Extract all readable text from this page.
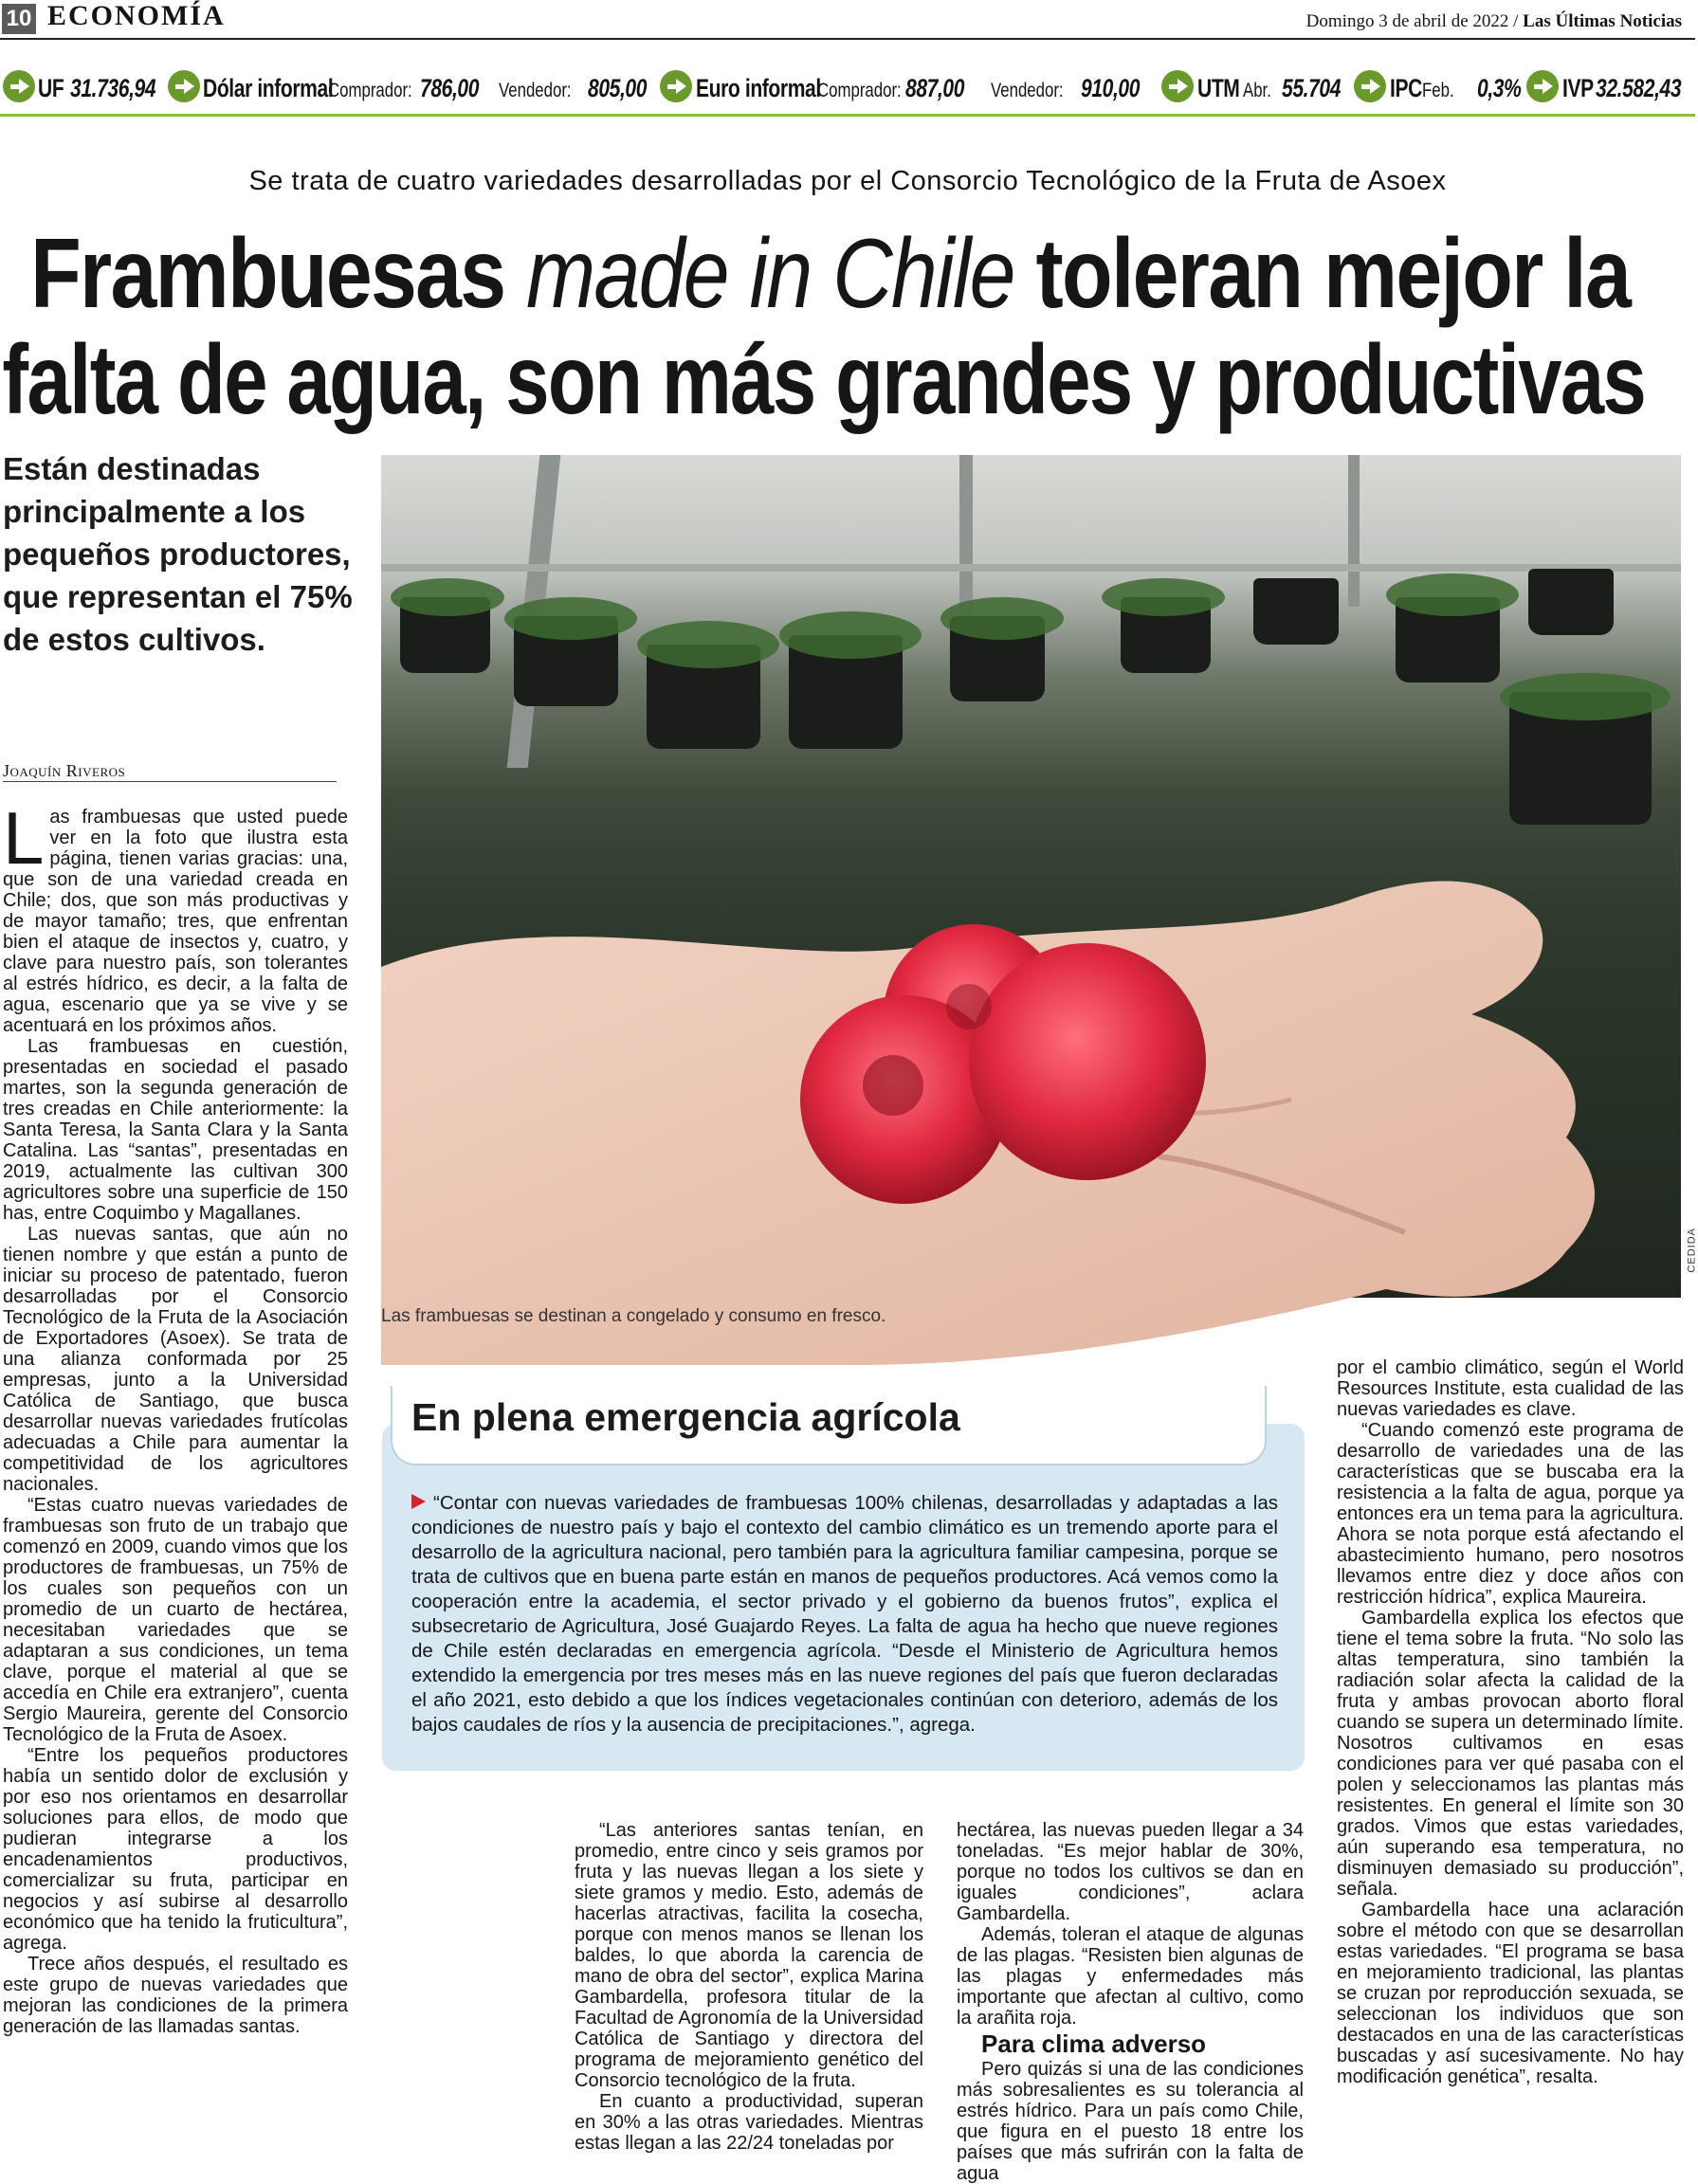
10 ECONOMÍA	Domingo 3 de abril de 2022 / Las Últimas Noticias
UF 31.736,94 Dólar informal
Comprador: 786,00 Vendedor: 805,00 Euro informal
Comprador: 887,00 Vendedor: 910,00 UTM Abr. 55.704 IPC Feb. 0,3% IVP 32.582,43
Se trata de cuatro variedades desarrolladas por el Consorcio Tecnológico de la Fruta de Asoex
Frambuesas made in Chile toleran mejor la
falta de agua, son más grandes y productivas
Están destinadas principalmente a los pequeños productores, que representan el 75% de estos cultivos.
CEDIDA
Las frambuesas se destinan a congelado y consumo en fresco.
Joaquín Riveros

Las frambuesas que usted puede ver en la foto que ilustra esta página, tienen varias gracias: una, que son de una variedad creada en Chile; dos, que son más productivas y de mayor tamaño; tres, que enfrentan bien el ataque de insectos y, cuatro, y clave para nuestro país, son tolerantes al estrés hídrico, es decir, a la falta de agua, escenario que ya se vive y se acentuará en los próximos años.

Las frambuesas en cuestión, presentadas en sociedad el pasado martes, son la segunda generación de tres creadas en Chile anteriormente: la Santa Teresa, la Santa Clara y la Santa Catalina. Las “santas”, presentadas en 2019, actualmente las cultivan 300 agricultores sobre una superficie de 150 has, entre Coquimbo y Magallanes.

Las nuevas santas, que aún no tienen nombre y que están a punto de iniciar su proceso de patentado, fueron desarrolladas por el Consorcio Tecnológico de la Fruta de la Asociación de Exportadores (Asoex). Se trata de una alianza conformada por 25 empresas, junto a la Universidad Católica de Santiago, que busca desarrollar nuevas variedades frutícolas adecuadas a Chile para aumentar la competitividad de los agricultores nacionales.

“Estas cuatro nuevas variedades de frambuesas son fruto de un trabajo que comenzó en 2009, cuando vimos que los productores de frambuesas, un 75% de los cuales son pequeños con un promedio de un cuarto de hectárea, necesitaban variedades que se adaptaran a sus condiciones, un tema clave, porque el material al que se accedía en Chile era extranjero”, cuenta Sergio Maureira, gerente del Consorcio Tecnológico de la Fruta de Asoex.

“Entre los pequeños productores había un sentido dolor de exclusión y por eso nos orientamos en desarrollar soluciones para ellos, de modo que pudieran integrarse a los encadenamientos productivos, comercializar su fruta, participar en negocios y así subirse al desarrollo económico que ha tenido la fruticultura”, agrega.

Trece años después, el resultado es este grupo de nuevas variedades que mejoran las condiciones de la primera generación de las llamadas santas.

“Las anteriores santas tenían, en promedio, entre cinco y seis gramos por fruta y las nuevas llegan a los siete y siete gramos y medio. Esto, además de hacerlas atractivas, facilita la cosecha, porque con menos manos se llenan los baldes, lo que aborda la carencia de mano de obra del sector”, explica Marina Gambardella, profesora titular de la Facultad de Agronomía de la Universidad Católica de Santiago y directora del programa de mejoramiento genético del Consorcio tecnológico de la fruta.

En cuanto a productividad, superan en 30% a las otras variedades. Mientras estas llegan a las 22/24 toneladas por

hectárea, las nuevas pueden llegar a 34 toneladas. “Es mejor hablar de 30%, porque no todos los cultivos se dan en iguales condiciones”, aclara Gambardella.

Además, toleran el ataque de algunas de las plagas. “Resisten bien algunas de las plagas y enfermedades más importante que afectan al cultivo, como la arañita roja.

Para clima adverso

Pero quizás si una de las condiciones más sobresalientes es su tolerancia al estrés hídrico. Para un país como Chile, que figura en el puesto 18 entre los países que más sufrirán con la falta de agua

por el cambio climático, según el World Resources Institute, esta cualidad de las nuevas variedades es clave.

“Cuando comenzó este programa de desarrollo de variedades una de las características que se buscaba era la resistencia a la falta de agua, porque ya entonces era un tema para la agricultura. Ahora se nota porque está afectando el abastecimiento humano, pero nosotros llevamos entre diez y doce años con restricción hídrica”, explica Maureira.

Gambardella explica los efectos que tiene el tema sobre la fruta. “No solo las altas temperatura, sino también la radiación solar afecta la calidad de la fruta y ambas provocan aborto floral cuando se supera un determinado límite. Nosotros cultivamos en esas condiciones para ver qué pasaba con el polen y seleccionamos las plantas más resistentes. En general el límite son 30 grados. Vimos que estas variedades, aún superando esa temperatura, no disminuyen demasiado su producción”, señala.

Gambardella hace una aclaración sobre el método con que se desarrollan estas variedades. “El programa se basa en mejoramiento tradicional, las plantas se cruzan por reproducción sexuada, se seleccionan los individuos que son destacados en una de las características buscadas y así sucesivamente. No hay modificación genética”, resalta.

En plena emergencia agrícola
“Contar con nuevas variedades de frambuesas 100% chilenas, desarrolladas y adaptadas a las condiciones de nuestro país y bajo el contexto del cambio climático es un tremendo aporte para el desarrollo de la agricultura nacional, pero también para la agricultura familiar campesina, porque se trata de cultivos que en buena parte están en manos de pequeños productores. Acá vemos como la cooperación entre la academia, el sector privado y el gobierno da buenos frutos”, explica el subsecretario de Agricultura, José Guajardo Reyes. La falta de agua ha hecho que nueve regiones de Chile estén declaradas en emergencia agrícola. “Desde el Ministerio de Agricultura hemos extendido la emergencia por tres meses más en las nueve regiones del país que fueron declaradas el año 2021, esto debido a que los índices vegetacionales continúan con deterioro, además de los bajos caudales de ríos y la ausencia de precipitaciones.”, agrega.
